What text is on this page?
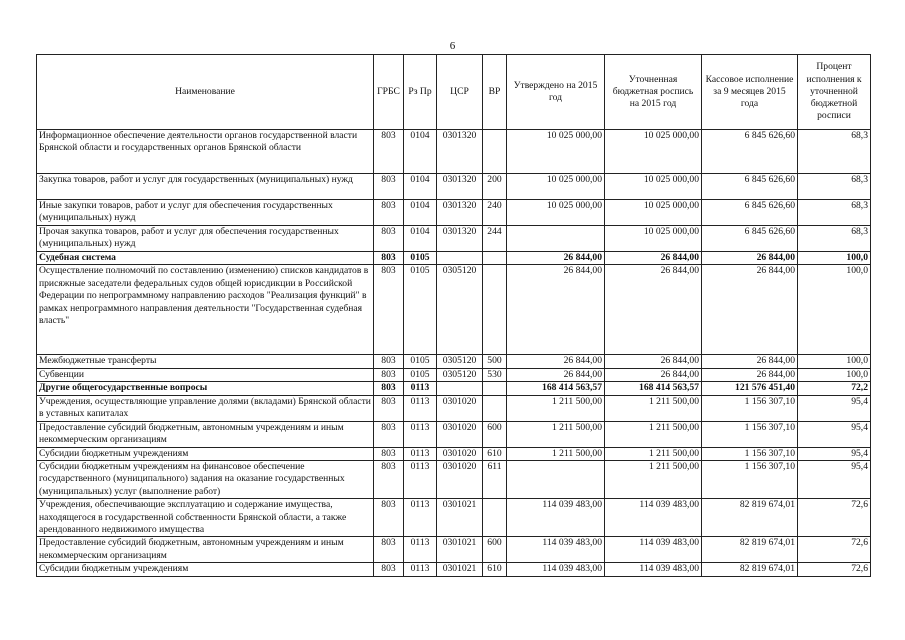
6
Наименование	ГРБС	Рз Пр	ЦСР	ВР	Утверждено на 2015 год	Уточненная бюджетная роспись на 2015 год	Кассовое исполнение за 9 месяцев 2015 года	Процент исполнения к уточненной бюджетной росписи
Информационное обеспечение деятельности органов государственной власти Брянской области и государственных органов Брянской области	803	0104	0301320		10 025 000,00	10 025 000,00	6 845 626,60	68,3
Закупка товаров, работ и услуг для государственных (муниципальных) нужд	803	0104	0301320	200	10 025 000,00	10 025 000,00	6 845 626,60	68,3
Иные закупки товаров, работ и услуг для обеспечения государственных (муниципальных) нужд	803	0104	0301320	240	10 025 000,00	10 025 000,00	6 845 626,60	68,3
Прочая закупка товаров, работ и услуг для обеспечения государственных (муниципальных) нужд	803	0104	0301320	244		10 025 000,00	6 845 626,60	68,3
Судебная система	803	0105			26 844,00	26 844,00	26 844,00	100,0
Осуществление полномочий по составлению (изменению) списков кандидатов в присяжные заседатели федеральных судов общей юрисдикции в Российской Федерации по непрограммному направлению расходов "Реализация функций" в рамках непрограммного направления деятельности "Государственная судебная власть"	803	0105	0305120		26 844,00	26 844,00	26 844,00	100,0
Межбюджетные трансферты	803	0105	0305120	500	26 844,00	26 844,00	26 844,00	100,0
Субвенции	803	0105	0305120	530	26 844,00	26 844,00	26 844,00	100,0
Другие общегосударственные вопросы	803	0113			168 414 563,57	168 414 563,57	121 576 451,40	72,2
Учреждения, осуществляющие управление долями (вкладами) Брянской области в уставных капиталах	803	0113	0301020		1 211 500,00	1 211 500,00	1 156 307,10	95,4
Предоставление субсидий бюджетным, автономным учреждениям и иным некоммерческим организациям	803	0113	0301020	600	1 211 500,00	1 211 500,00	1 156 307,10	95,4
Субсидии бюджетным учреждениям	803	0113	0301020	610	1 211 500,00	1 211 500,00	1 156 307,10	95,4
Субсидии бюджетным учреждениям на финансовое обеспечение государственного (муниципального) задания на оказание государственных (муниципальных) услуг (выполнение работ)	803	0113	0301020	611		1 211 500,00	1 156 307,10	95,4
Учреждения, обеспечивающие эксплуатацию и содержание имущества, находящегося в государственной собственности Брянской области, а также арендованного недвижимого имущества	803	0113	0301021		114 039 483,00	114 039 483,00	82 819 674,01	72,6
Предоставление субсидий бюджетным, автономным учреждениям и иным некоммерческим организациям	803	0113	0301021	600	114 039 483,00	114 039 483,00	82 819 674,01	72,6
Субсидии бюджетным учреждениям	803	0113	0301021	610	114 039 483,00	114 039 483,00	82 819 674,01	72,6
